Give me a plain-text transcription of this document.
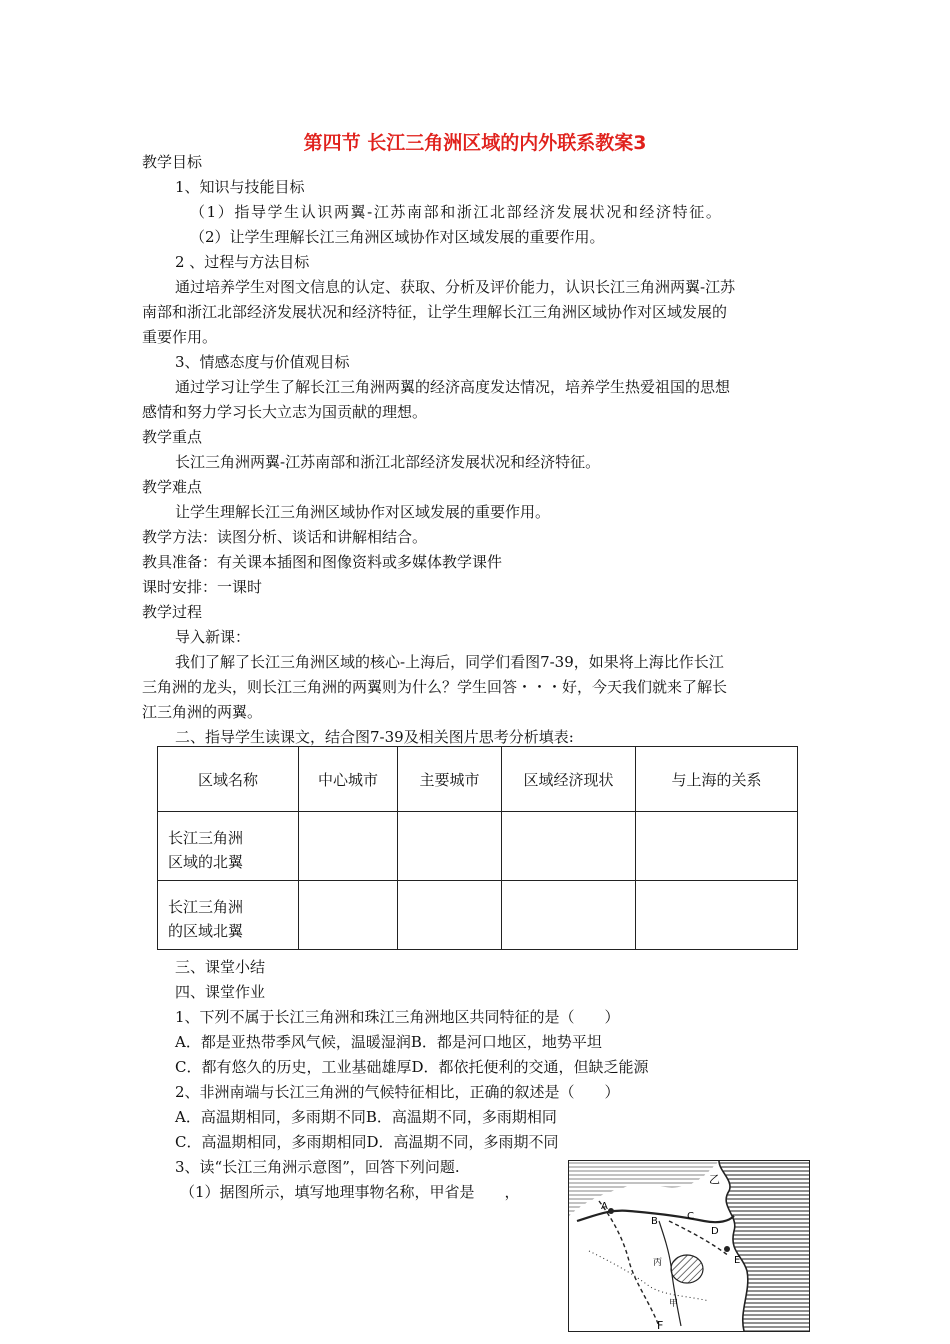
第四节 长江三角洲区域的内外联系教案3
教学目标
1、知识与技能目标
（1）指导学生认识两翼-江苏南部和浙江北部经济发展状况和经济特征。
（2）让学生理解长江三角洲区域协作对区域发展的重要作用。
2 、过程与方法目标
通过培养学生对图文信息的认定、获取、分析及评价能力，认识长江三角洲两翼-江苏
南部和浙江北部经济发展状况和经济特征，让学生理解长江三角洲区域协作对区域发展的
重要作用。
3、情感态度与价值观目标
通过学习让学生了解长江三角洲两翼的经济高度发达情况，培养学生热爱祖国的思想
感情和努力学习长大立志为国贡献的理想。
教学重点
长江三角洲两翼-江苏南部和浙江北部经济发展状况和经济特征。
教学难点
让学生理解长江三角洲区域协作对区域发展的重要作用。
教学方法：读图分析、谈话和讲解相结合。
教具准备：有关课本插图和图像资料或多媒体教学课件
课时安排：一课时
教学过程
导入新课：
我们了解了长江三角洲区域的核心-上海后，同学们看图7-39，如果将上海比作长江
三角洲的龙头，则长江三角洲的两翼则为什么？学生回答・・・好，今天我们就来了解长
江三角洲的两翼。
二、指导学生读课文，结合图7-39及相关图片思考分析填表:
区域名称	中心城市	主要城市	区域经济现状	与上海的关系

长江三角洲
区域的北翼				

长江三角洲
的区域北翼				

三、课堂小结
四、课堂作业
1、下列不属于长江三角洲和珠江三角洲地区共同特征的是（　　）
A．都是亚热带季风气候，温暖湿润B．都是河口地区，地势平坦
C．都有悠久的历史，工业基础雄厚D．都依托便利的交通，但缺乏能源
2、非洲南端与长江三角洲的气候特征相比，正确的叙述是（　　）
A．高温期相同，多雨期不同B．高温期不同，多雨期相同
C．高温期相同，多雨期相同D．高温期不同，多雨期不同
3、读“长江三角洲示意图”，回答下列问题.
（1）据图所示，填写地理事物名称，甲省是　　，
乙
A
B	C
D
E
F
甲
丙
